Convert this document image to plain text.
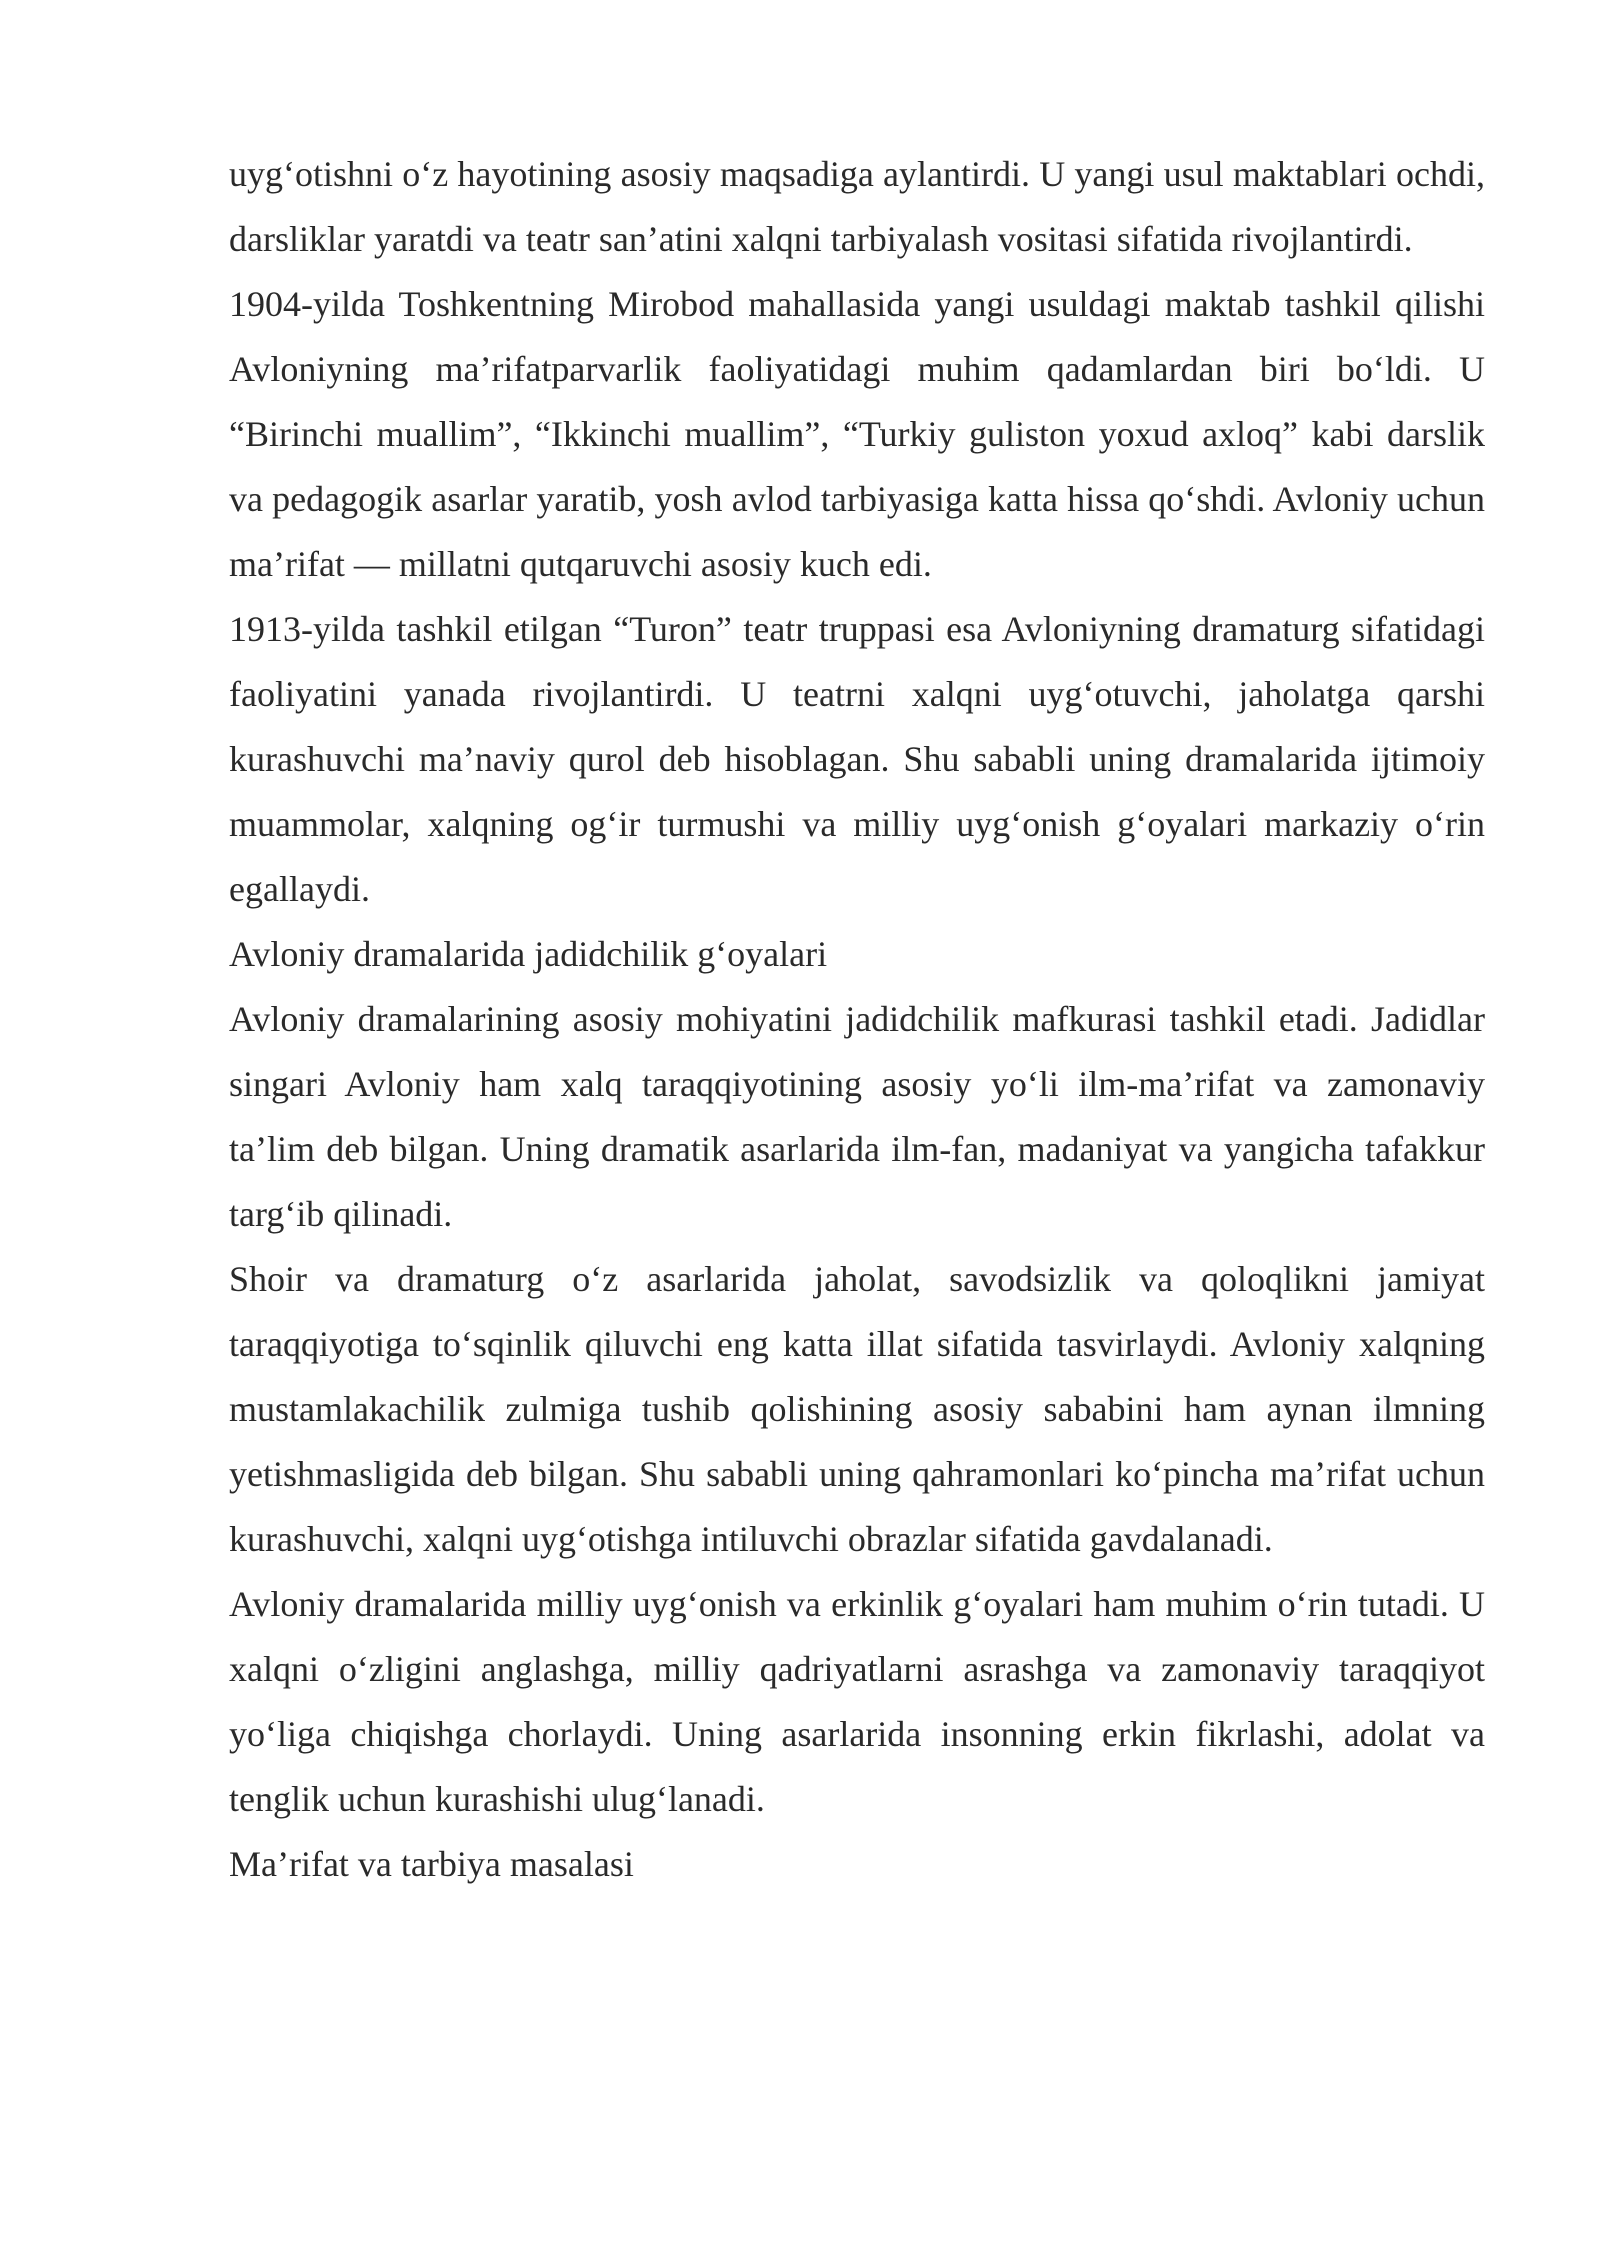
uyg‘otishni o‘z hayotining asosiy maqsadiga aylantirdi. U yangi usul maktablari ochdi, darsliklar yaratdi va teatr san’atini xalqni tarbiyalash vositasi sifatida rivojlantirdi.

1904-yilda Toshkentning Mirobod mahallasida yangi usuldagi maktab tashkil qilishi Avloniyning ma’rifatparvarlik faoliyatidagi muhim qadamlardan biri bo‘ldi. U “Birinchi muallim”, “Ikkinchi muallim”, “Turkiy guliston yoxud axloq” kabi darslik va pedagogik asarlar yaratib, yosh avlod tarbiyasiga katta hissa qo‘shdi. Avloniy uchun ma’rifat — millatni qutqaruvchi asosiy kuch edi.

1913-yilda tashkil etilgan “Turon” teatr truppasi esa Avloniyning dramaturg sifatidagi faoliyatini yanada rivojlantirdi. U teatrni xalqni uyg‘otuvchi, jaholatga qarshi kurashuvchi ma’naviy qurol deb hisoblagan. Shu sababli uning dramalarida ijtimoiy muammolar, xalqning og‘ir turmushi va milliy uyg‘onish g‘oyalari markaziy o‘rin egallaydi.

Avloniy dramalarida jadidchilik g‘oyalari

Avloniy dramalarining asosiy mohiyatini jadidchilik mafkurasi tashkil etadi. Jadidlar singari Avloniy ham xalq taraqqiyotining asosiy yo‘li ilm-ma’rifat va zamonaviy ta’lim deb bilgan. Uning dramatik asarlarida ilm-fan, madaniyat va yangicha tafakkur targ‘ib qilinadi.

Shoir va dramaturg o‘z asarlarida jaholat, savodsizlik va qoloqlikni jamiyat taraqqiyotiga to‘sqinlik qiluvchi eng katta illat sifatida tasvirlaydi. Avloniy xalqning mustamlakachilik zulmiga tushib qolishining asosiy sababini ham aynan ilmning yetishmasligida deb bilgan. Shu sababli uning qahramonlari ko‘pincha ma’rifat uchun kurashuvchi, xalqni uyg‘otishga intiluvchi obrazlar sifatida gavdalanadi.

Avloniy dramalarida milliy uyg‘onish va erkinlik g‘oyalari ham muhim o‘rin tutadi. U xalqni o‘zligini anglashga, milliy qadriyatlarni asrashga va zamonaviy taraqqiyot yo‘liga chiqishga chorlaydi. Uning asarlarida insonning erkin fikrlashi, adolat va tenglik uchun kurashishi ulug‘lanadi.

Ma’rifat va tarbiya masalasi
